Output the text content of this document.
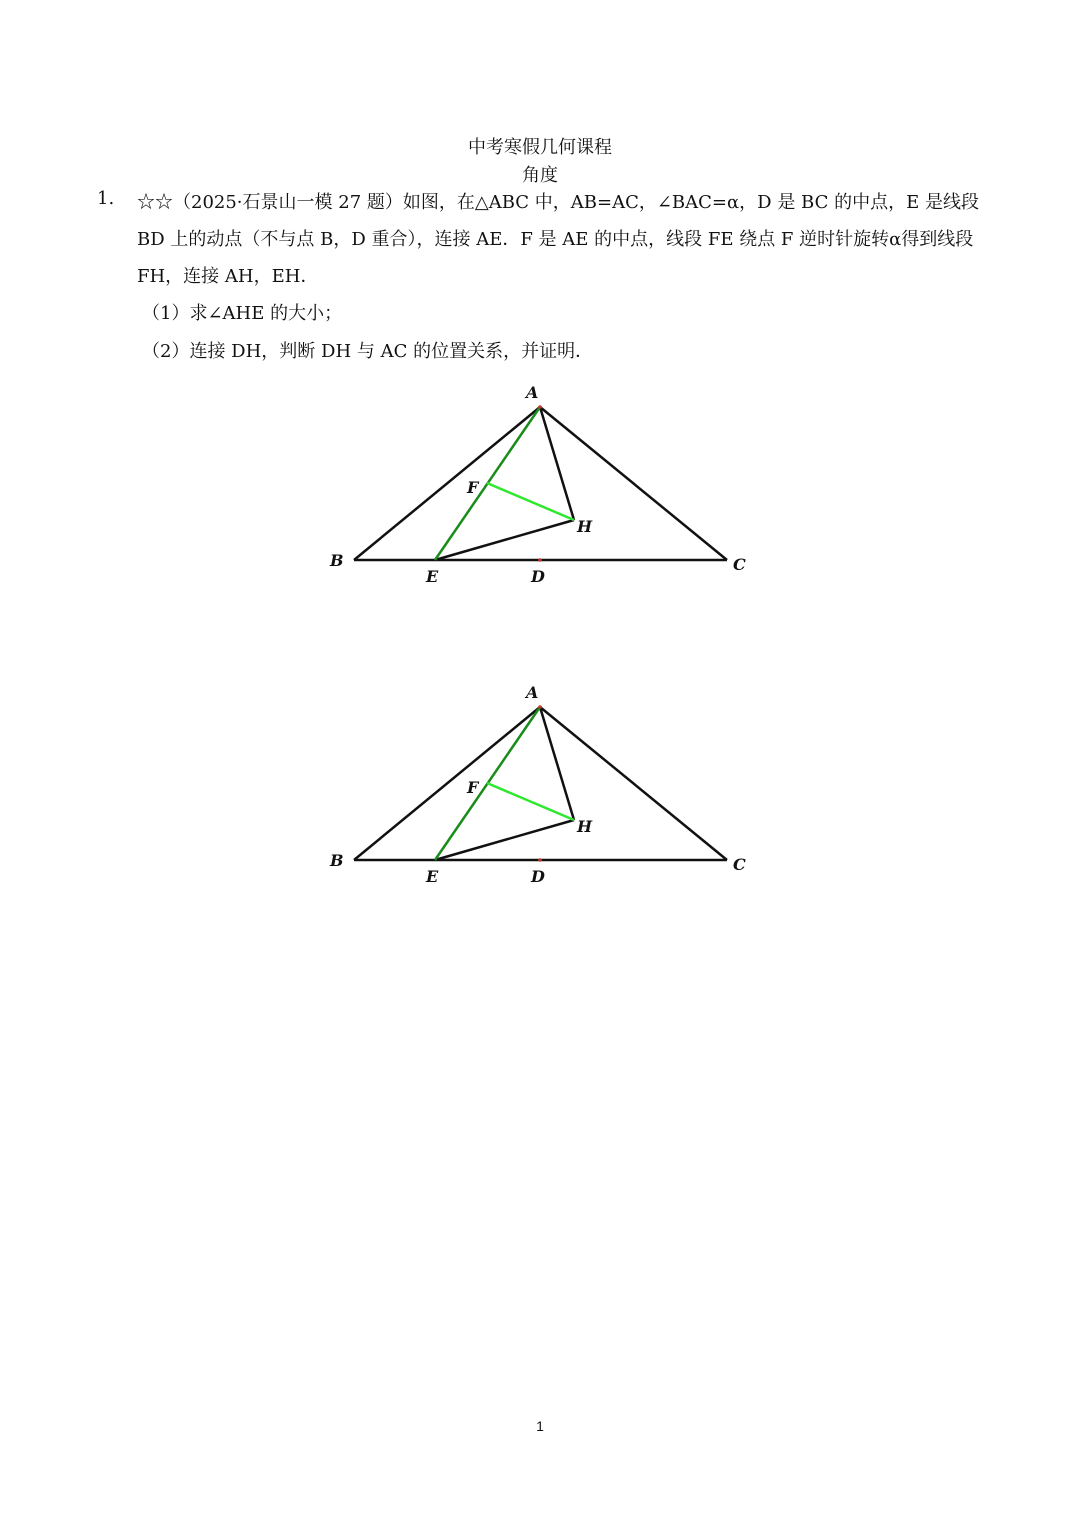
中考寒假几何课程
角度
1. ☆☆（2025·石景山一模 27 题）如图，在△ABC 中，AB=AC，∠BAC=α，D 是 BC 的中点，E 是线段
BD 上的动点（不与点 B，D 重合），连接 AE．F 是 AE 的中点，线段 FE 绕点 F 逆时针旋转α得到线段
FH，连接 AH，EH．
（1）求∠AHE 的大小；
（2）连接 DH，判断 DH 与 AC 的位置关系，并证明．
A
B	C
D
E
F
H
A
B	C
D
E
F
H
1
